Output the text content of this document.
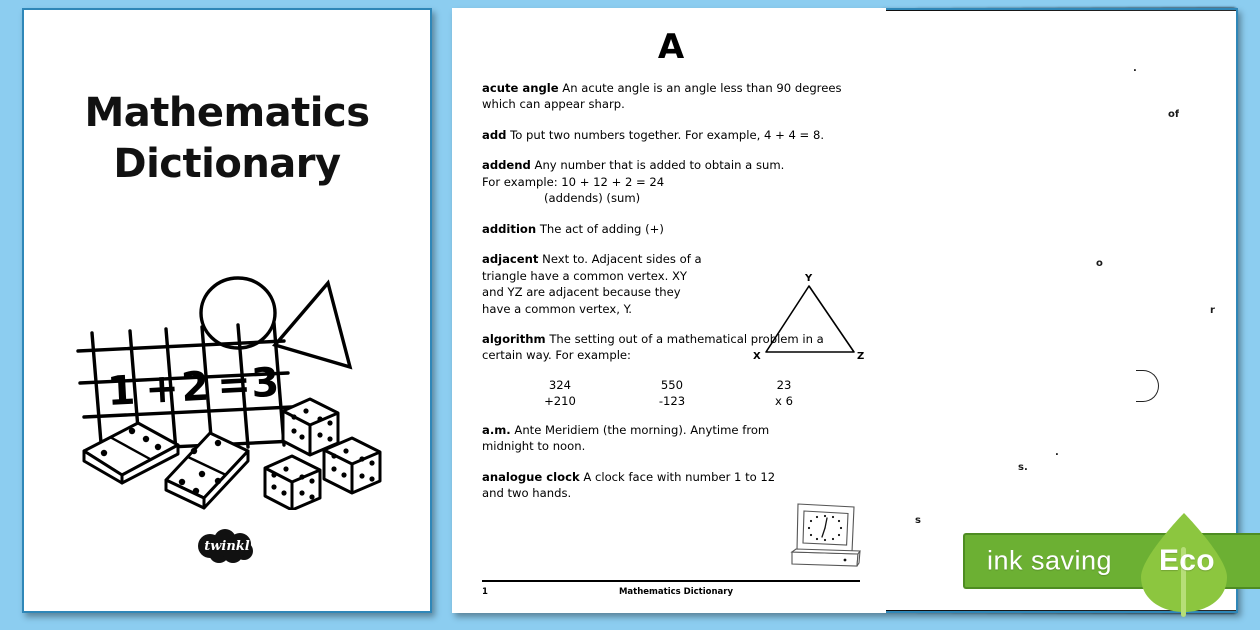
Mathematics
Dictionary
1 + 2 =
3
twinkl
of
o
s.
s
r
.
.
A

acute angle An acute angle is an angle less than 90 degrees which can appear sharp.

add To put two numbers together. For example, 4 + 4 = 8.

addend Any number that is added to obtain a sum.
For example: 10 + 12 + 2 = 24
(addends) (sum)

addition The act of adding (+)

adjacent Next to. Adjacent sides of a triangle have a common vertex. XY and YZ are adjacent because they have a common vertex, Y.

algorithm The setting out of a mathematical problem in a certain way. For example:

324	550	23
+210	-123	x 6

a.m. Ante Meridiem (the morning). Anytime from midnight to noon.

analogue clock A clock face with number 1 to 12 and two hands.

Y
X	Z
1	Mathematics Dictionary
ink saving Eco
